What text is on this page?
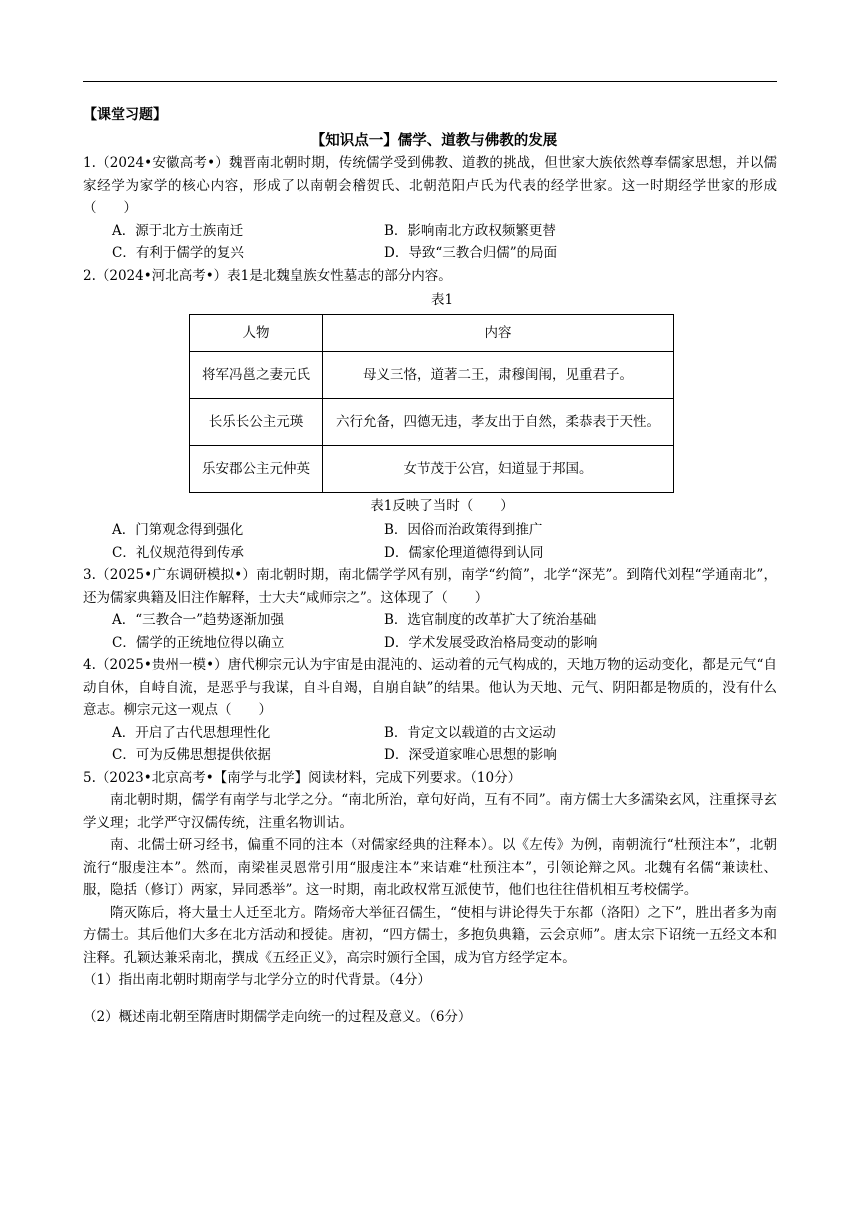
【课堂习题】

【知识点一】儒学、道教与佛教的发展

1.（2024•安徽高考•）魏晋南北朝时期，传统儒学受到佛教、道教的挑战，但世家大族依然尊奉儒家思想，并以儒家经学为家学的核心内容，形成了以南朝会稽贺氏、北朝范阳卢氏为代表的经学世家。这一时期经学世家的形成（　　）

A．源于北方士族南迁	B．影响南北方政权频繁更替
C．有利于儒学的复兴	D．导致“三教合归儒”的局面

2.（2024•河北高考•）表1是北魏皇族女性墓志的部分内容。

表1

人物	内容
将军冯邕之妻元氏	母义三恪，道著二王，肃穆闺闱，见重君子。
长乐长公主元瑛	六行允备，四德无违，孝友出于自然，柔恭表于天性。
乐安郡公主元仲英	女节茂于公宫，妇道显于邦国。

表1反映了当时（　　）

A．门第观念得到强化	B．因俗而治政策得到推广
C．礼仪规范得到传承	D．儒家伦理道德得到认同

3.（2025•广东调研模拟•）南北朝时期，南北儒学学风有别，南学“约简”，北学“深芜”。到隋代刘程“学通南北”，还为儒家典籍及旧注作解释，士大夫“咸师宗之”。这体现了（　　）

A．“三教合一”趋势逐渐加强	B．选官制度的改革扩大了统治基础
C．儒学的正统地位得以确立	D．学术发展受政治格局变动的影响

4.（2025•贵州一模•）唐代柳宗元认为宇宙是由混沌的、运动着的元气构成的，天地万物的运动变化，都是元气“自动自休，自峙自流，是恶乎与我谋，自斗自竭，自崩自缺”的结果。他认为天地、元气、阴阳都是物质的，没有什么意志。柳宗元这一观点（　　）

A．开启了古代思想理性化	B．肯定文以载道的古文运动
C．可为反佛思想提供依据	D．深受道家唯心思想的影响

5.（2023•北京高考•【南学与北学】阅读材料，完成下列要求。（10分）

南北朝时期，儒学有南学与北学之分。“南北所治，章句好尚，互有不同”。南方儒士大多濡染玄风，注重探寻玄学义理；北学严守汉儒传统，注重名物训诂。

南、北儒士研习经书，偏重不同的注本（对儒家经典的注释本）。以《左传》为例，南朝流行“杜预注本”，北朝流行“服虔注本”。然而，南梁崔灵恩常引用“服虔注本”来诘难“杜预注本”，引领论辩之风。北魏有名儒“兼读杜、服，隐括（修订）两家，异同悉举”。这一时期，南北政权常互派使节，他们也往往借机相互考校儒学。

隋灭陈后，将大量士人迁至北方。隋炀帝大举征召儒生，“使相与讲论得失于东都（洛阳）之下”，胜出者多为南方儒士。其后他们大多在北方活动和授徒。唐初，“四方儒士，多抱负典籍，云会京师”。唐太宗下诏统一五经文本和注释。孔颖达兼采南北，撰成《五经正义》，高宗时颁行全国，成为官方经学定本。

（1）指出南北朝时期南学与北学分立的时代背景。（4分）

（2）概述南北朝至隋唐时期儒学走向统一的过程及意义。（6分）
